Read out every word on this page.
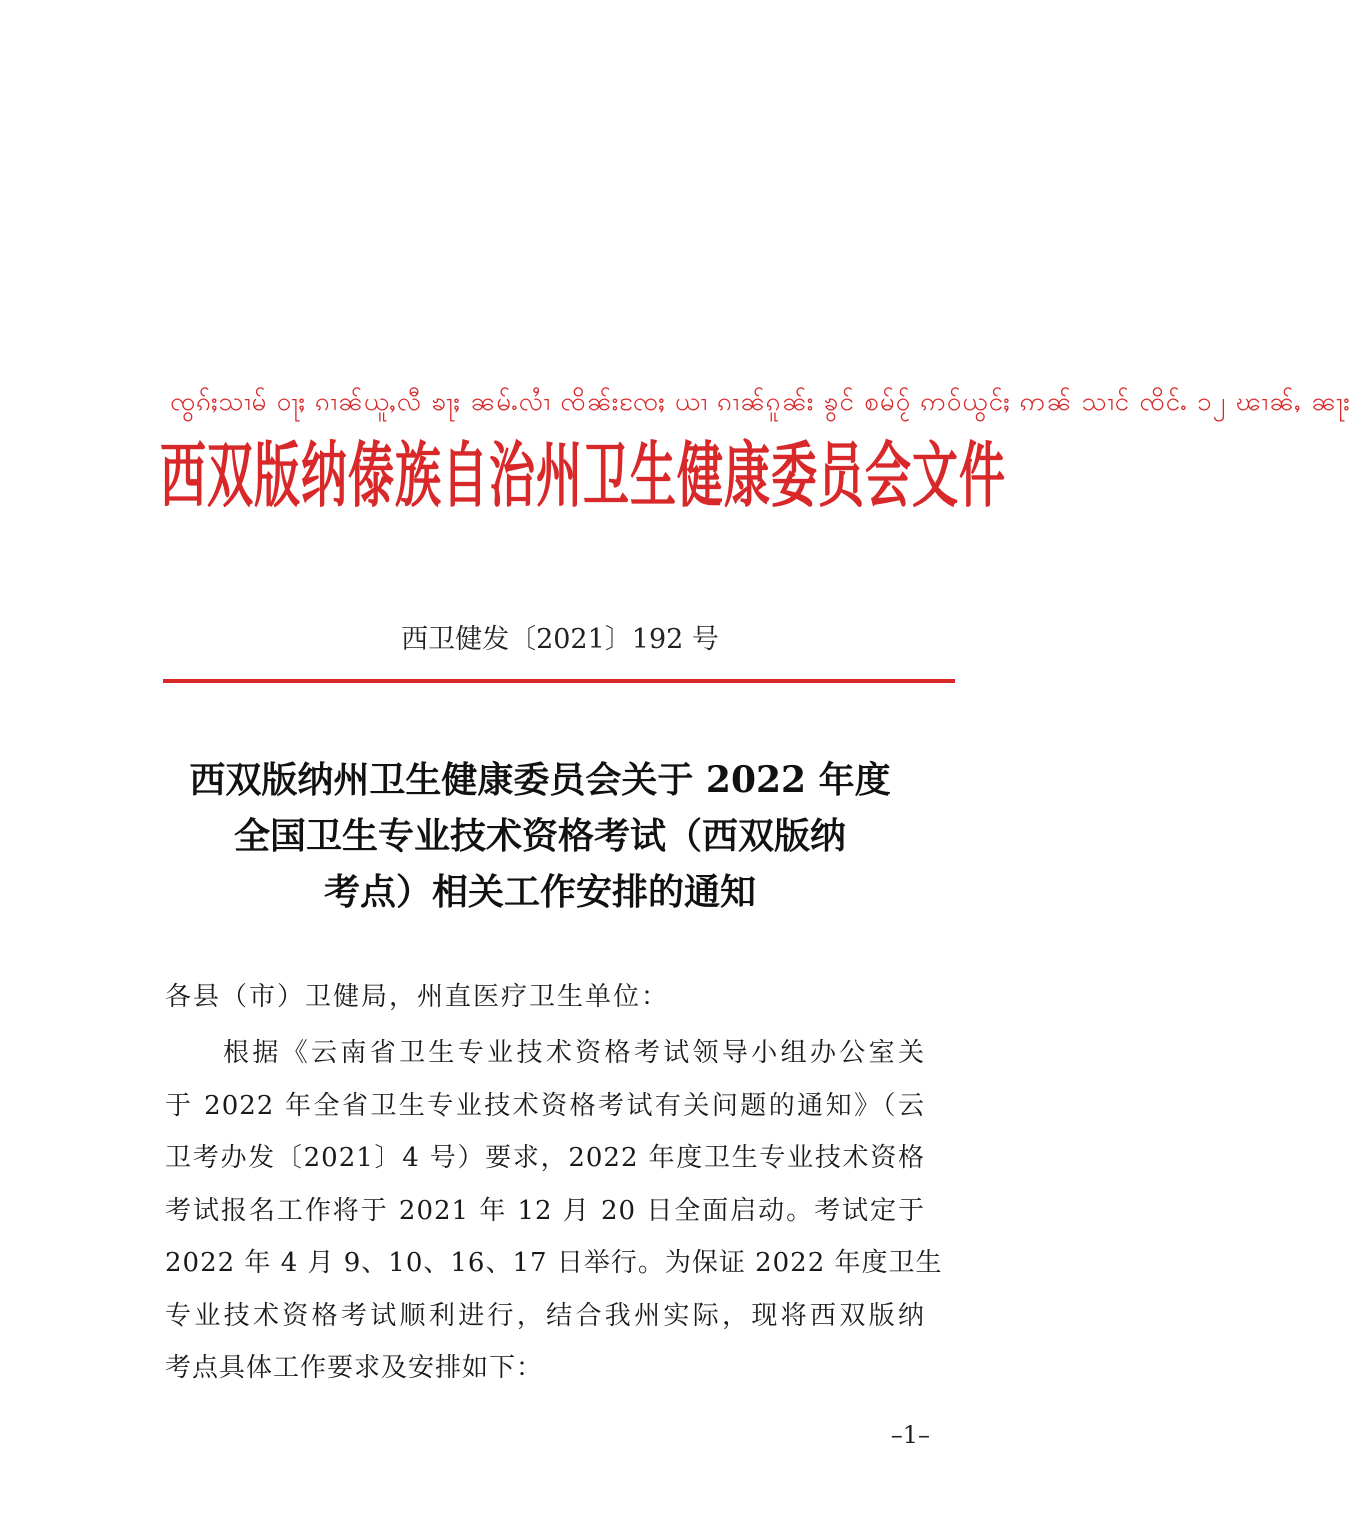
ၸွၵ်ႈသၢမ် ဝႃႈ ၵၢၼ်ယူႇလီ ၶႃႈ ၼမ်ႉလၢႆ ၸိၼ်းၸႄႈ ယၢ ၵၢၼ်ၵူၼ်း ၶွင် စမ်ဝႂ် ဢဝ်ယွင်ႈ ဢၼ် သၢင် ၸိင်ႉ ၁၂ ၽၢၼ်ႇ ၼႃး
西双版纳傣族自治州卫生健康委员会文件
西卫健发〔2021〕192 号
西双版纳州卫生健康委员会关于 2022 年度
全国卫生专业技术资格考试（西双版纳
考点）相关工作安排的通知
各县（市）卫健局，州直医疗卫生单位：
根据《云南省卫生专业技术资格考试领导小组办公室关
于 2022 年全省卫生专业技术资格考试有关问题的通知》（云
卫考办发〔2021〕4 号）要求，2022 年度卫生专业技术资格
考试报名工作将于 2021 年 12 月 20 日全面启动。考试定于
2022 年 4 月 9、10、16、17 日举行。为保证 2022 年度卫生
专业技术资格考试顺利进行，结合我州实际，现将西双版纳
考点具体工作要求及安排如下：
–1–
